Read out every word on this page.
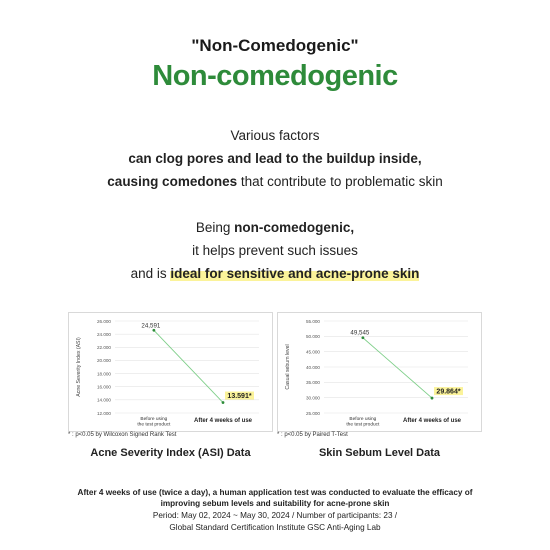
"Non-Comedogenic"
Non-comedogenic
Various factors
can clog pores and lead to the buildup inside,
causing comedones that contribute to problematic skin
Being non-comedogenic,
it helps prevent such issues
and is ideal for sensitive and acne-prone skin
12.000
14.000
16.000
18.000
20.000
22.000
24.000
26.000
Acne Severity Index (ASI)
24,591
13.591*
Before using
the test product
After 4 weeks of use
25.000
30.000
35.000
40.000
45.000
50.000
55.000
Casual sebum level
49,545
29.864*
Before using
the test product
After 4 weeks of use
* : p<0.05 by Wilcoxon Signed Rank Test	* : p<0.05 by Paired T-Test
Acne Severity Index (ASI) Data	Skin Sebum Level Data
After 4 weeks of use (twice a day), a human application test was conducted to evaluate the efficacy of
improving sebum levels and suitability for acne-prone skin
Period: May 02, 2024 ~ May 30, 2024 / Number of participants: 23 /
Global Standard Certification Institute GSC Anti-Aging Lab
